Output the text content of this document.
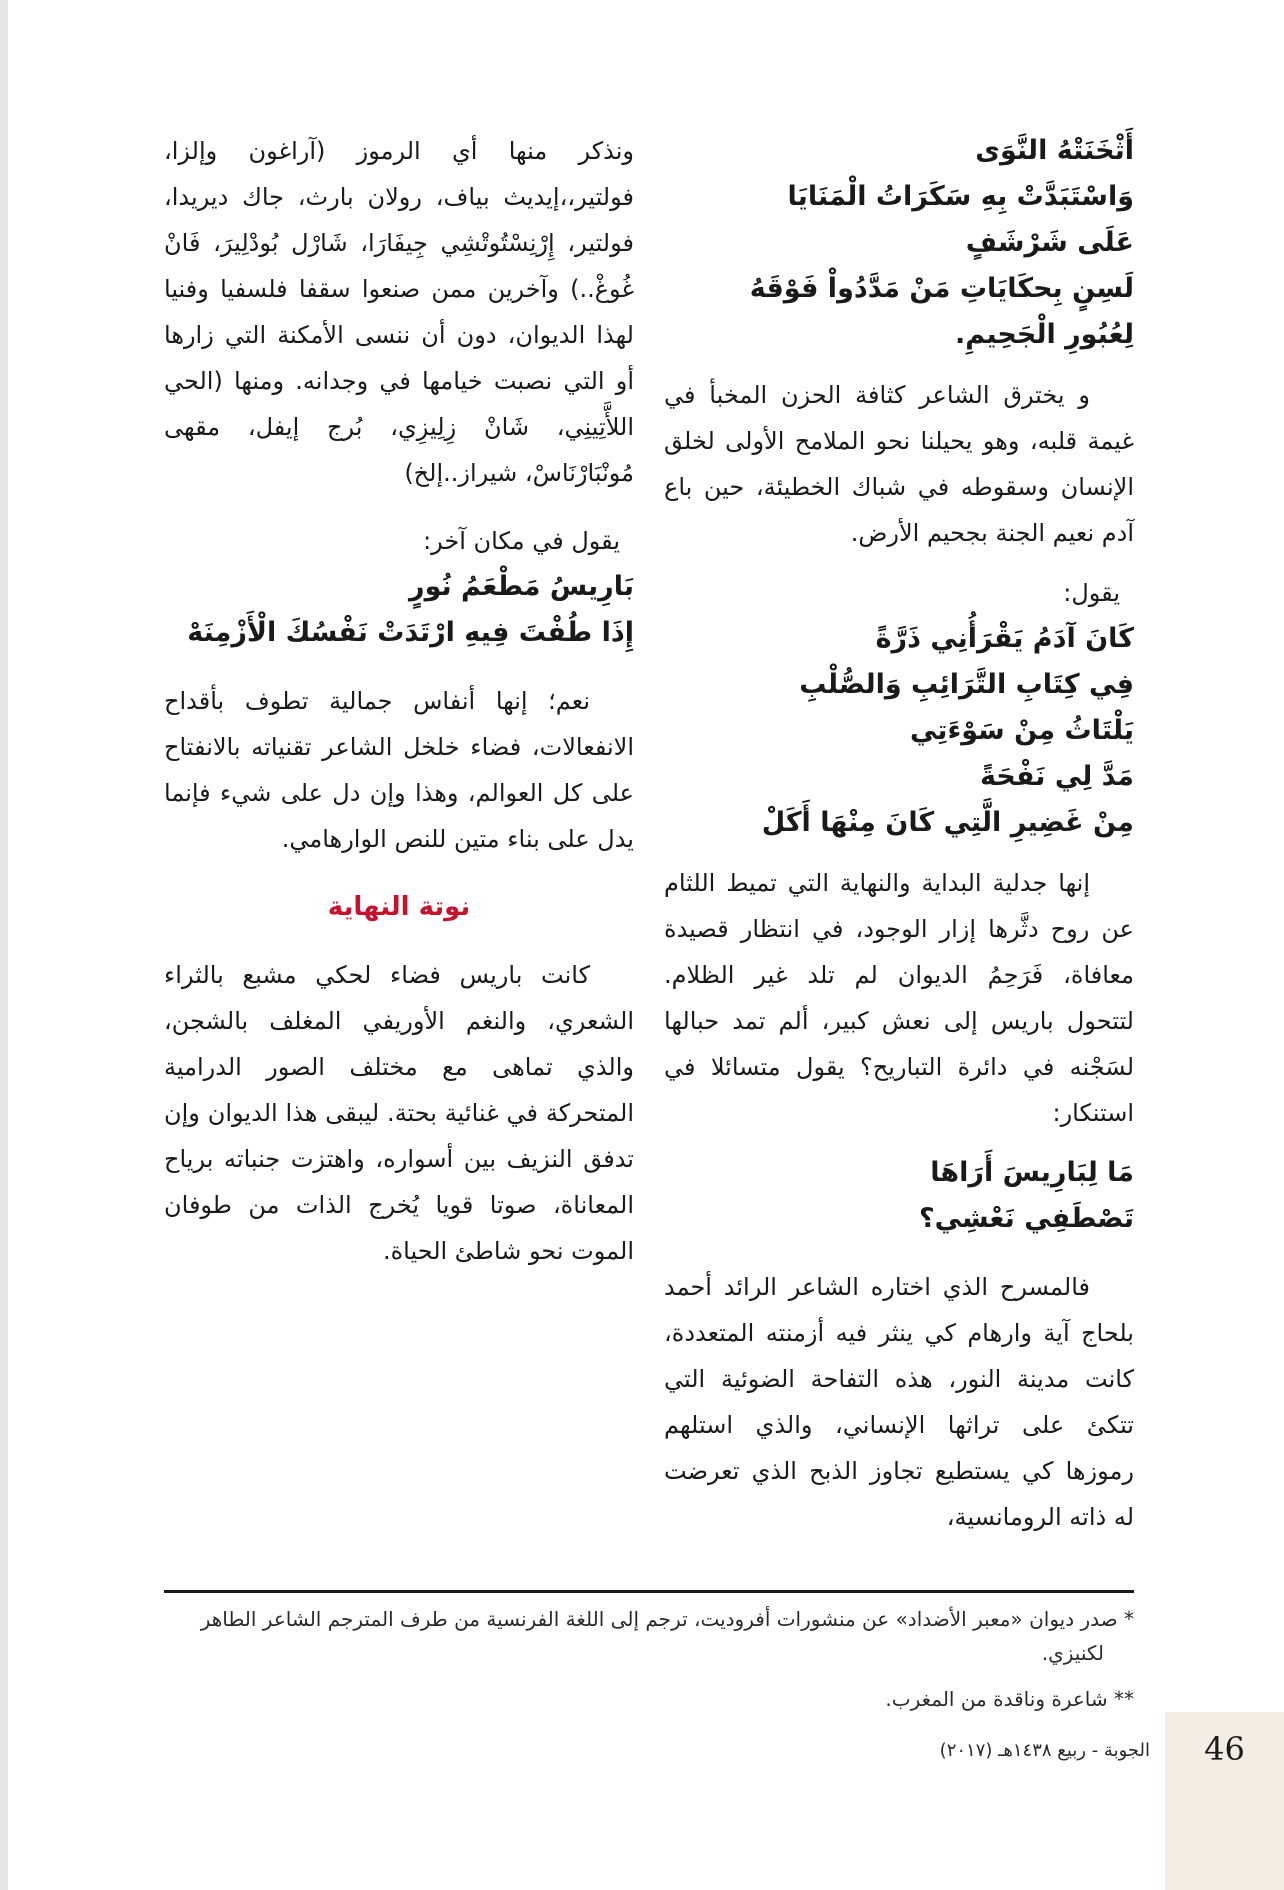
أَثْخَنَتْهُ النَّوَى
وَاسْتَبَدَّتْ بِهِ سَكَرَاتُ الْمَنَايَا
عَلَى شَرْشَفٍ
لَسِنٍ بِحكَايَاتِ مَنْ مَدَّدُواْ فَوْقَهُ
لِعُبُورِ الْجَحِيمِ.

و يخترق الشاعر كثافة الحزن المخبأ في غيمة قلبه، وهو يحيلنا نحو الملامح الأولى لخلق الإنسان وسقوطه في شباك الخطيئة، حين باع آدم نعيم الجنة بجحيم الأرض.

يقول:

كَانَ آدَمُ يَقْرَأُنِي ذَرَّةً
فِي كِتَابِ التَّرَائِبِ وَالصُّلْبِ
يَلْتَاثُ مِنْ سَوْءَتِي
مَدَّ لِي نَفْحَةً
مِنْ غَضِيرِ الَّتِي كَانَ مِنْهَا أَكَلْ

إنها جدلية البداية والنهاية التي تميط اللثام عن روح دثَّرها إزار الوجود، في انتظار قصيدة معافاة، فَرَحِمُ الديوان لم تلد غير الظلام. لتتحول باريس إلى نعش كبير، ألم تمد حبالها لسَجْنه في دائرة التباريح؟ يقول متسائلا في استنكار:

مَا لِبَارِيسَ أَرَاهَا
تَصْطَفِي نَعْشِي؟

فالمسرح الذي اختاره الشاعر الرائد أحمد بلحاج آية وارهام كي ينثر فيه أزمنته المتعددة، كانت مدينة النور، هذه التفاحة الضوئية التي تتكئ على تراثها الإنساني، والذي استلهم رموزها كي يستطيع تجاوز الذبح الذي تعرضت له ذاته الرومانسية،

ونذكر منها أي الرموز (آراغون وإلزا، فولتير،،إيديث بياف، رولان بارث، جاك ديريدا، فولتير، إِرْنِسْتُوتْشِي جِيفَارَا، شَارْل بُودْلِيرَ، فَانْ غُوغْ..) وآخرين ممن صنعوا سقفا فلسفيا وفنيا لهذا الديوان، دون أن ننسى الأمكنة التي زارها أو التي نصبت خيامها في وجدانه. ومنها (الحي اللأَّتِينِي، شَانْ زِلِيزِي، بُرج إيفل، مقهى مُونْبَارْنَاسْ، شيراز..إلخ)

يقول في مكان آخر:

بَارِيسُ مَطْعَمُ نُورٍ
إِذَا طُفْتَ فِيهِ ارْتَدَتْ نَفْسُكَ الْأَزْمِنَهْ

نعم؛ إنها أنفاس جمالية تطوف بأقداح الانفعالات، فضاء خلخل الشاعر تقنياته بالانفتاح على كل العوالم، وهذا وإن دل على شيء فإنما يدل على بناء متين للنص الوارهامي.

نوتة النهاية

كانت باريس فضاء لحكي مشبع بالثراء الشعري، والنغم الأوريفي المغلف بالشجن، والذي تماهى مع مختلف الصور الدرامية المتحركة في غنائية بحتة. ليبقى هذا الديوان وإن تدفق النزيف بين أسواره، واهتزت جنباته برياح المعاناة، صوتا قويا يُخرج الذات من طوفان الموت نحو شاطئ الحياة.

* صدر ديوان «معبر الأضداد» عن منشورات أفروديت، ترجم إلى اللغة الفرنسية من طرف المترجم الشاعر الطاهر لكنيزي.

** شاعرة وناقدة من المغرب.

الجوبة - ربيع ١٤٣٨هـ (٢٠١٧)	46
